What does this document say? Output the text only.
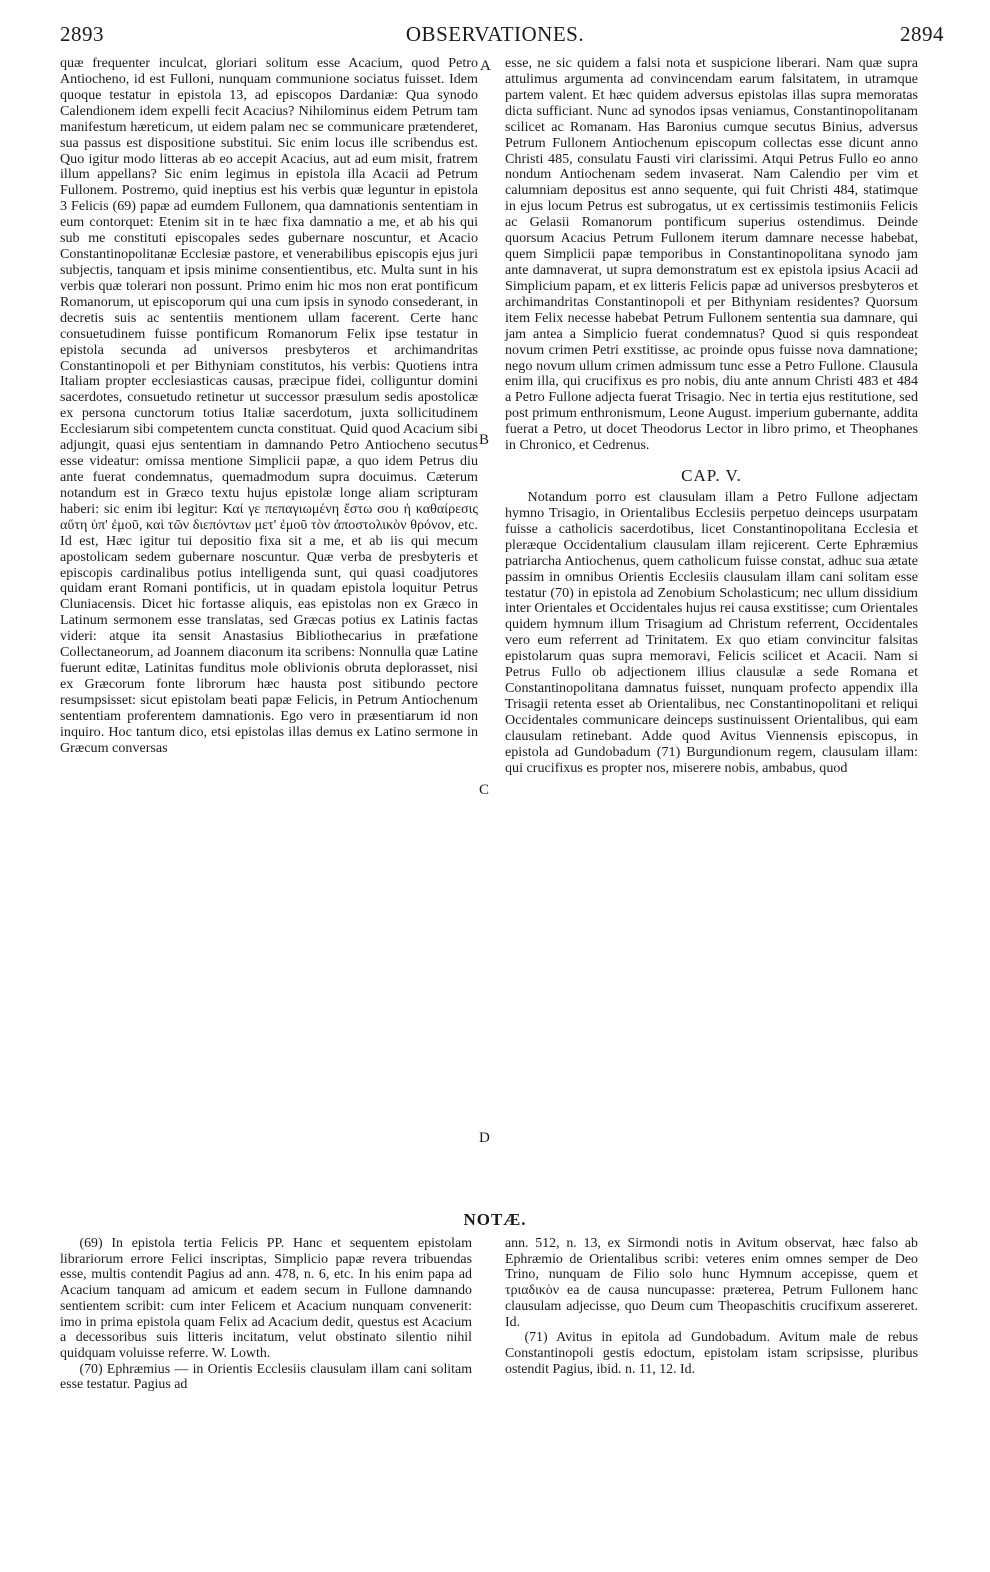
2893	OBSERVATIONES.	2894
A
B
C
D

quæ frequenter inculcat, gloriari solitum esse Acacium, quod Petro Antiocheno, id est Fulloni, nunquam communione sociatus fuisset. Idem quoque testatur in epistola 13, ad episcopos Dardaniæ: Qua synodo Calendionem idem expelli fecit Acacius? Nihilominus eidem Petrum tam manifestum hæreticum, ut eidem palam nec se communicare prætenderet, sua passus est dispositione substitui. Sic enim locus ille scribendus est. Quo igitur modo litteras ab eo accepit Acacius, aut ad eum misit, fratrem illum appellans? Sic enim legimus in epistola illa Acacii ad Petrum Fullonem. Postremo, quid ineptius est his verbis quæ leguntur in epistola 3 Felicis (69) papæ ad eumdem Fullonem, qua damnationis sententiam in eum contorquet: Etenim sit in te hæc fixa damnatio a me, et ab his qui sub me constituti episcopales sedes gubernare noscuntur, et Acacio Constantinopolitanæ Ecclesiæ pastore, et venerabilibus episcopis ejus juri subjectis, tanquam et ipsis minime consentientibus, etc. Multa sunt in his verbis quæ tolerari non possunt. Primo enim hic mos non erat pontificum Romanorum, ut episcoporum qui una cum ipsis in synodo consederant, in decretis suis ac sententiis mentionem ullam facerent. Certe hanc consuetudinem fuisse pontificum Romanorum Felix ipse testatur in epistola secunda ad universos presbyteros et archimandritas Constantinopoli et per Bithyniam constitutos, his verbis: Quotiens intra Italiam propter ecclesiasticas causas, præcipue fidei, colliguntur domini sacerdotes, consuetudo retinetur ut successor præsulum sedis apostolicæ ex persona cunctorum totius Italiæ sacerdotum, juxta sollicitudinem Ecclesiarum sibi competentem cuncta constituat. Quid quod Acacium sibi adjungit, quasi ejus sententiam in damnando Petro Antiocheno secutus esse videatur: omissa mentione Simplicii papæ, a quo idem Petrus diu ante fuerat condemnatus, quemadmodum supra docuimus. Cæterum notandum est in Græco textu hujus epistolæ longe aliam scripturam haberi: sic enim ibi legitur: Καί γε πεπαγιωμένη ἔστω σου ἡ καθαίρεσις αὕτη ὑπ' ἐμοῦ, καὶ τῶν διεπόντων μετ' ἐμοῦ τὸν ἀποστολικὸν θρόνον, etc. Id est, Hæc igitur tui depositio fixa sit a me, et ab iis qui mecum apostolicam sedem gubernare noscuntur. Quæ verba de presbyteris et episcopis cardinalibus potius intelligenda sunt, qui quasi coadjutores quidam erant Romani pontificis, ut in quadam epistola loquitur Petrus Cluniacensis. Dicet hic fortasse aliquis, eas epistolas non ex Græco in Latinum sermonem esse translatas, sed Græcas potius ex Latinis factas videri: atque ita sensit Anastasius Bibliothecarius in præfatione Collectaneorum, ad Joannem diaconum ita scribens: Nonnulla quæ Latine fuerunt editæ, Latinitas funditus mole oblivionis obruta deplorasset, nisi ex Græcorum fonte librorum hæc hausta post sitibundo pectore resumpsisset: sicut epistolam beati papæ Felicis, in Petrum Antiochenum sententiam proferentem damnationis. Ego vero in præsentiarum id non inquiro. Hoc tantum dico, etsi epistolas illas demus ex Latino sermone in Græcum conversas

esse, ne sic quidem a falsi nota et suspicione liberari. Nam quæ supra attulimus argumenta ad convincendam earum falsitatem, in utramque partem valent. Et hæc quidem adversus epistolas illas supra memoratas dicta sufficiant. Nunc ad synodos ipsas veniamus, Constantinopolitanam scilicet ac Romanam. Has Baronius cumque secutus Binius, adversus Petrum Fullonem Antiochenum episcopum collectas esse dicunt anno Christi 485, consulatu Fausti viri clarissimi. Atqui Petrus Fullo eo anno nondum Antiochenam sedem invaserat. Nam Calendio per vim et calumniam depositus est anno sequente, qui fuit Christi 484, statimque in ejus locum Petrus est subrogatus, ut ex certissimis testimoniis Felicis ac Gelasii Romanorum pontificum superius ostendimus. Deinde quorsum Acacius Petrum Fullonem iterum damnare necesse habebat, quem Simplicii papæ temporibus in Constantinopolitana synodo jam ante damnaverat, ut supra demonstratum est ex epistola ipsius Acacii ad Simplicium papam, et ex litteris Felicis papæ ad universos presbyteros et archimandritas Constantinopoli et per Bithyniam residentes? Quorsum item Felix necesse habebat Petrum Fullonem sententia sua damnare, qui jam antea a Simplicio fuerat condemnatus? Quod si quis respondeat novum crimen Petri exstitisse, ac proinde opus fuisse nova damnatione; nego novum ullum crimen admissum tunc esse a Petro Fullone. Clausula enim illa, qui crucifixus es pro nobis, diu ante annum Christi 483 et 484 a Petro Fullone adjecta fuerat Trisagio. Nec in tertia ejus restitutione, sed post primum enthronismum, Leone August. imperium gubernante, addita fuerat a Petro, ut docet Theodorus Lector in libro primo, et Theophanes in Chronico, et Cedrenus.

CAP. V.

Notandum porro est clausulam illam a Petro Fullone adjectam hymno Trisagio, in Orientalibus Ecclesiis perpetuo deinceps usurpatam fuisse a catholicis sacerdotibus, licet Constantinopolitana Ecclesia et pleræque Occidentalium clausulam illam rejicerent. Certe Ephræmius patriarcha Antiochenus, quem catholicum fuisse constat, adhuc sua ætate passim in omnibus Orientis Ecclesiis clausulam illam cani solitam esse testatur (70) in epistola ad Zenobium Scholasticum; nec ullum dissidium inter Orientales et Occidentales hujus rei causa exstitisse; cum Orientales quidem hymnum illum Trisagium ad Christum referrent, Occidentales vero eum referrent ad Trinitatem. Ex quo etiam convincitur falsitas epistolarum quas supra memoravi, Felicis scilicet et Acacii. Nam si Petrus Fullo ob adjectionem illius clausulæ a sede Romana et Constantinopolitana damnatus fuisset, nunquam profecto appendix illa Trisagii retenta esset ab Orientalibus, nec Constantinopolitani et reliqui Occidentales communicare deinceps sustinuissent Orientalibus, qui eam clausulam retinebant. Adde quod Avitus Viennensis episcopus, in epistola ad Gundobadum (71) Burgundionum regem, clausulam illam: qui crucifixus es propter nos, miserere nobis, ambabus, quod

NOTÆ.

(69) In epistola tertia Felicis PP. Hanc et sequentem epistolam librariorum errore Felici inscriptas, Simplicio papæ revera tribuendas esse, multis contendit Pagius ad ann. 478, n. 6, etc. In his enim papa ad Acacium tanquam ad amicum et eadem secum in Fullone damnando sentientem scribit: cum inter Felicem et Acacium nunquam convenerit: imo in prima epistola quam Felix ad Acacium dedit, questus est Acacium a decessoribus suis litteris incitatum, velut obstinato silentio nihil quidquam voluisse referre. W. Lowth.

(70) Ephræmius — in Orientis Ecclesiis clausulam illam cani solitam esse testatur. Pagius ad

ann. 512, n. 13, ex Sirmondi notis in Avitum observat, hæc falso ab Ephræmio de Orientalibus scribi: veteres enim omnes semper de Deo Trino, nunquam de Filio solo hunc Hymnum accepisse, quem et τριαδικὸν ea de causa nuncupasse: præterea, Petrum Fullonem hanc clausulam adjecisse, quo Deum cum Theopaschitis crucifixum assereret. Id.

(71) Avitus in epitola ad Gundobadum. Avitum male de rebus Constantinopoli gestis edoctum, epistolam istam scripsisse, pluribus ostendit Pagius, ibid. n. 11, 12. Id.
